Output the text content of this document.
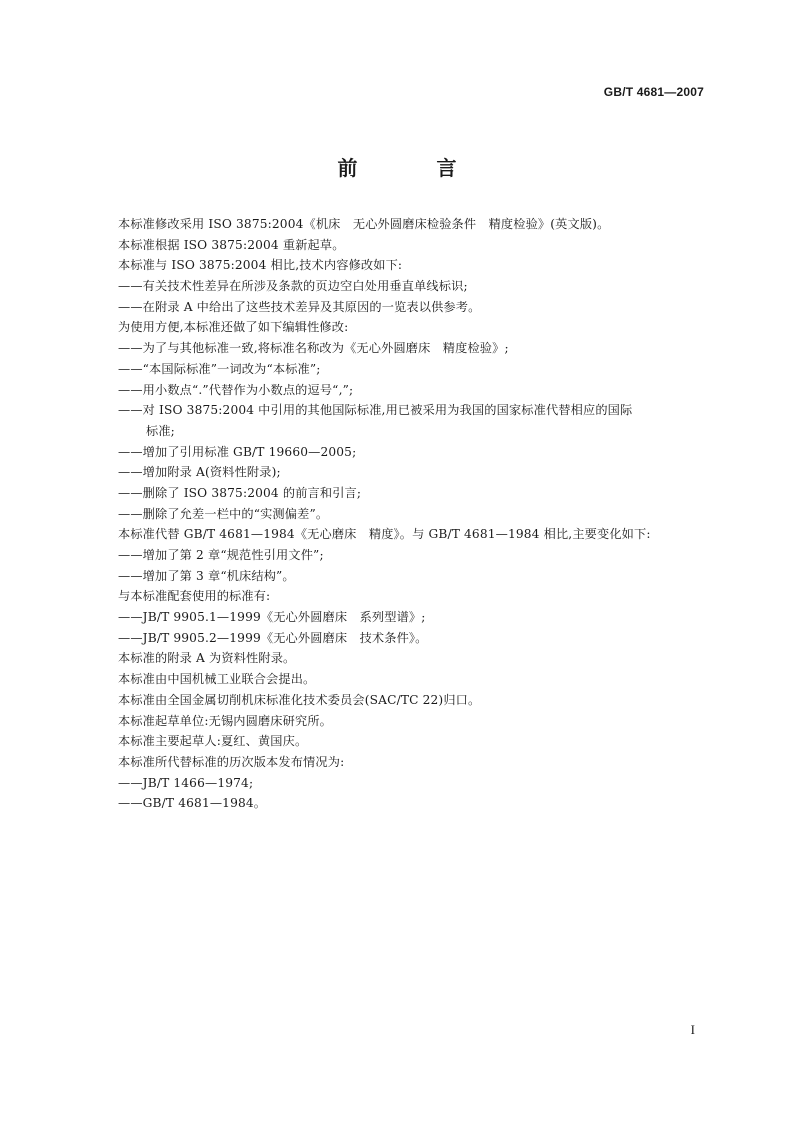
GB/T 4681—2007
前 言
本标准修改采用 ISO 3875:2004《机床　无心外圆磨床检验条件　精度检验》(英文版)。
本标准根据 ISO 3875:2004 重新起草。
本标准与 ISO 3875:2004 相比,技术内容修改如下:
——有关技术性差异在所涉及条款的页边空白处用垂直单线标识;
——在附录 A 中给出了这些技术差异及其原因的一览表以供参考。
为使用方便,本标准还做了如下编辑性修改:
——为了与其他标准一致,将标准名称改为《无心外圆磨床　精度检验》;
——“本国际标准”一词改为“本标准”;
——用小数点“.”代替作为小数点的逗号“,”;
——对 ISO 3875:2004 中引用的其他国际标准,用已被采用为我国的国家标准代替相应的国际
标准;
——增加了引用标准 GB/T 19660—2005;
——增加附录 A(资料性附录);
——删除了 ISO 3875:2004 的前言和引言;
——删除了允差一栏中的“实测偏差”。
本标准代替 GB/T 4681—1984《无心磨床　精度》。与 GB/T 4681—1984 相比,主要变化如下:
——增加了第 2 章“规范性引用文件”;
——增加了第 3 章“机床结构”。
与本标准配套使用的标准有:
——JB/T 9905.1—1999《无心外圆磨床　系列型谱》;
——JB/T 9905.2—1999《无心外圆磨床　技术条件》。
本标准的附录 A 为资料性附录。
本标准由中国机械工业联合会提出。
本标准由全国金属切削机床标准化技术委员会(SAC/TC 22)归口。
本标准起草单位:无锡内圆磨床研究所。
本标准主要起草人:夏红、黄国庆。
本标准所代替标准的历次版本发布情况为:
——JB/T 1466—1974;
——GB/T 4681—1984。
I
